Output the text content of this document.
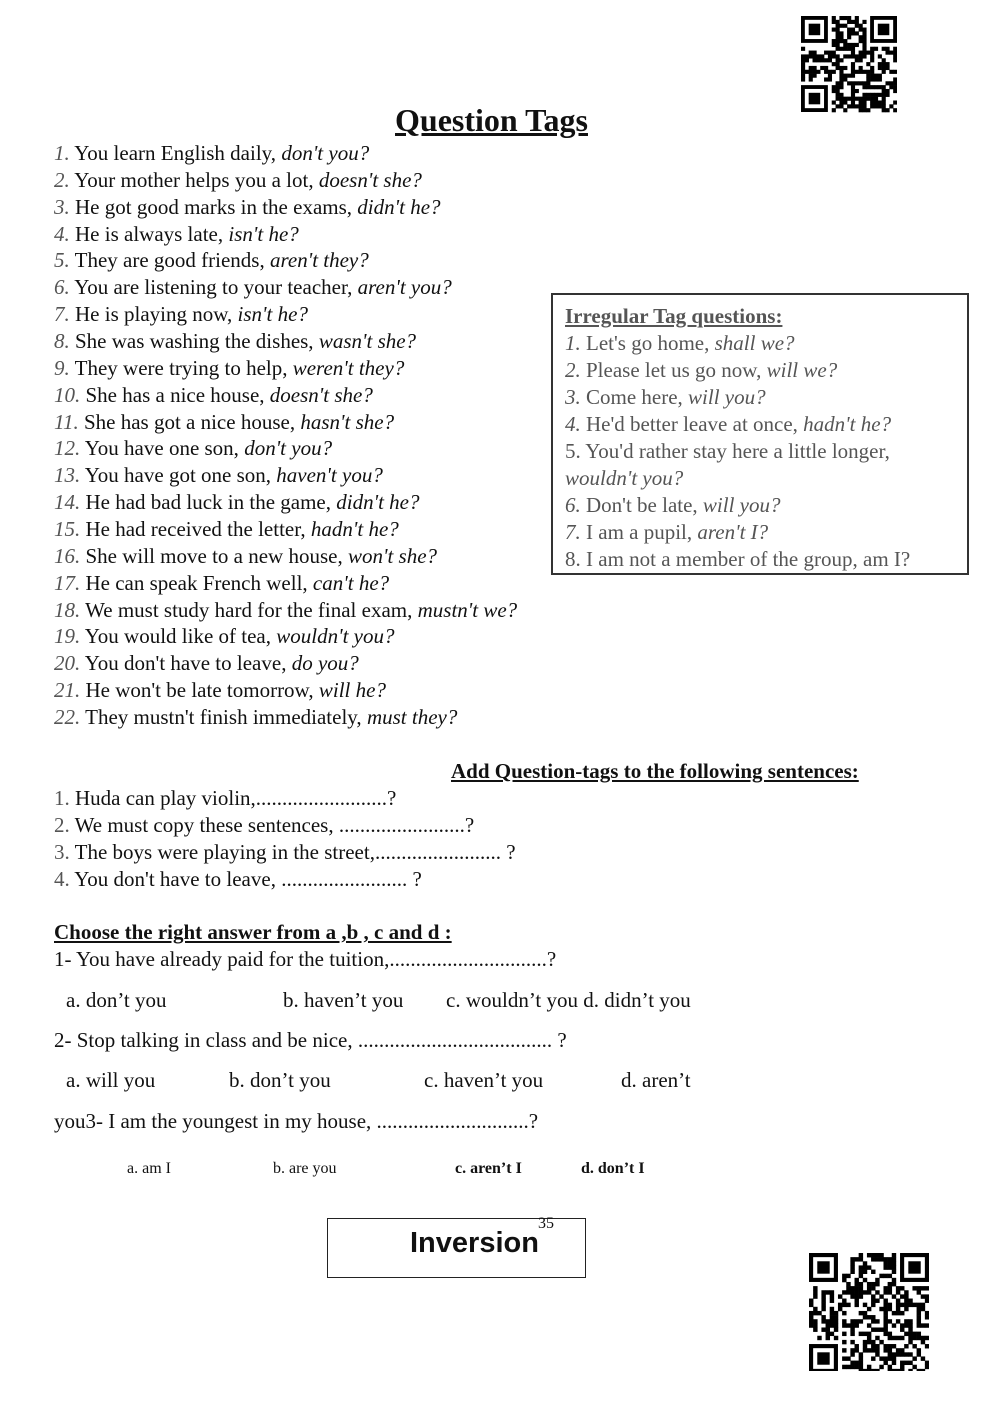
Question Tags
1. You learn English daily, don't you?
2. Your mother helps you a lot, doesn't she?
3. He got good marks in the exams, didn't he?
4. He is always late, isn't he?
5. They are good friends, aren't they?
6. You are listening to your teacher, aren't you?
7. He is playing now, isn't he?
8. She was washing the dishes, wasn't she?
9. They were trying to help, weren't they?
10. She has a nice house, doesn't she?
11. She has got a nice house, hasn't she?
12. You have one son, don't you?
13. You have got one son, haven't you?
14. He had bad luck in the game, didn't he?
15. He had received the letter, hadn't he?
16. She will move to a new house, won't she?
17. He can speak French well, can't he?
18. We must study hard for the final exam, mustn't we?
19. You would like of tea, wouldn't you?
20. You don't have to leave, do you?
21. He won't be late tomorrow, will he?
22. They mustn't finish immediately, must they?
Irregular Tag questions:
1. Let's go home, shall we?
2. Please let us go now, will we?
3. Come here, will you?
4. He'd better leave at once, hadn't he?
5. You'd rather stay here a little longer,
wouldn't you?
6. Don't be late, will you?
7. I am a pupil, aren't I?
8. I am not a member of the group, am I?
Add Question-tags to the following sentences:
1. Huda can play violin,.........................?
2. We must copy these sentences, ........................?
3. The boys were playing in the street,........................ ?
4. You don't have to leave, ........................ ?
Choose the right answer from a ,b , c and d :
1- You have already paid for the tuition,..............................?
a. don’t you	b. haven’t you c. wouldn’t you d. didn’t you
2- Stop talking in class and be nice, ..................................... ?
a. will you	b. don’t you	c. haven’t you	d. aren’t
you3- I am the youngest in my house, .............................?
a. am I	b. are you	c. aren’t I	d. don’t I
Inversion
35
